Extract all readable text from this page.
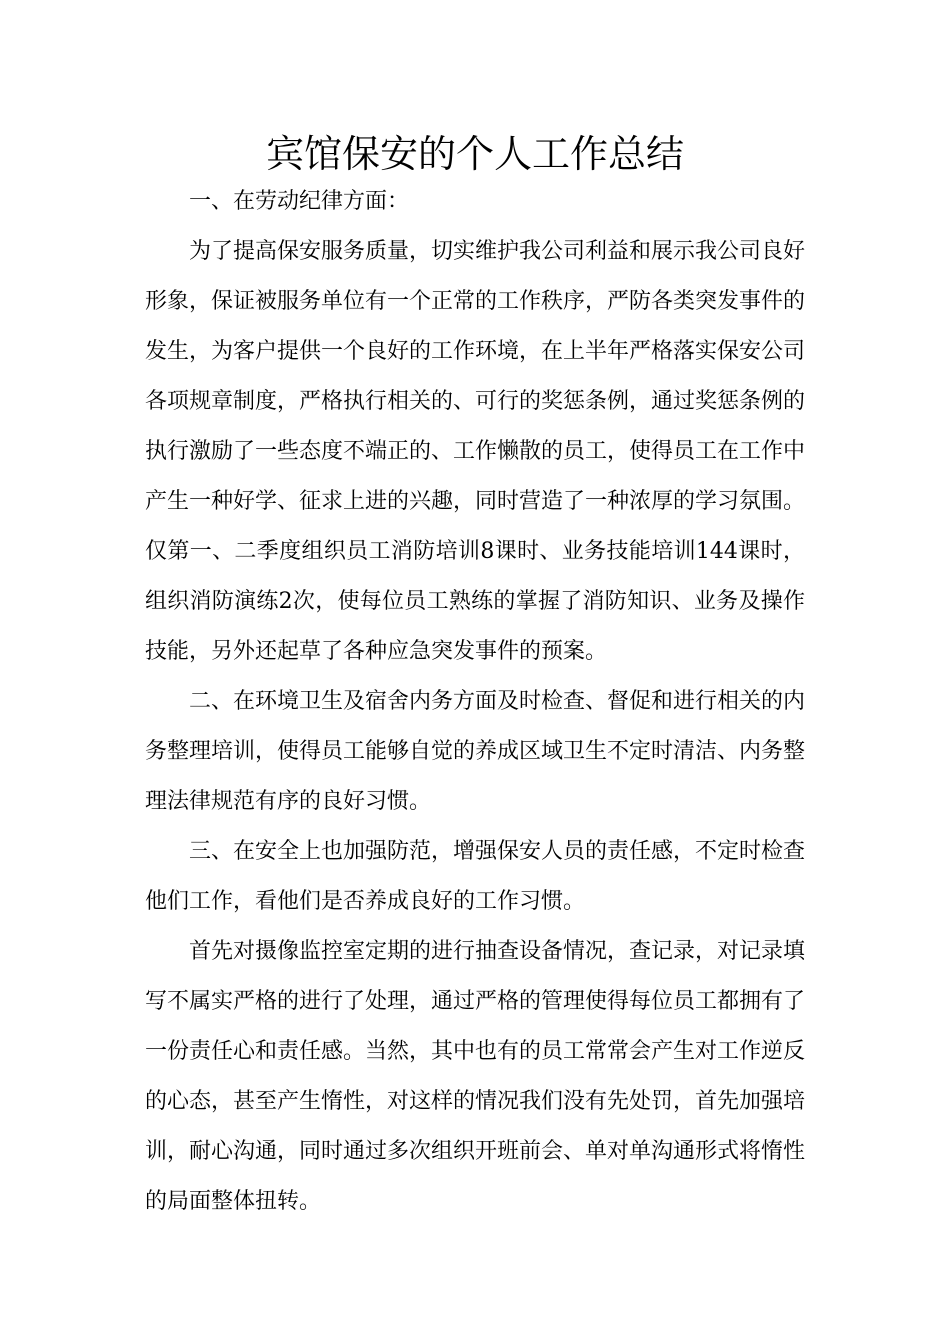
宾馆保安的个人工作总结

一、在劳动纪律方面：

为了提高保安服务质量，切实维护我公司利益和展示我公司良好形象，保证被服务单位有一个正常的工作秩序，严防各类突发事件的发生，为客户提供一个良好的工作环境，在上半年严格落实保安公司各项规章制度，严格执行相关的、可行的奖惩条例，通过奖惩条例的执行激励了一些态度不端正的、工作懒散的员工，使得员工在工作中产生一种好学、征求上进的兴趣，同时营造了一种浓厚的学习氛围。仅第一、二季度组织员工消防培训8课时、业务技能培训144课时，组织消防演练2次，使每位员工熟练的掌握了消防知识、业务及操作技能，另外还起草了各种应急突发事件的预案。

二、在环境卫生及宿舍内务方面及时检查、督促和进行相关的内务整理培训，使得员工能够自觉的养成区域卫生不定时清洁、内务整理法律规范有序的良好习惯。

三、在安全上也加强防范，增强保安人员的责任感，不定时检查他们工作，看他们是否养成良好的工作习惯。

首先对摄像监控室定期的进行抽查设备情况，查记录，对记录填写不属实严格的进行了处理，通过严格的管理使得每位员工都拥有了一份责任心和责任感。当然，其中也有的员工常常会产生对工作逆反的心态，甚至产生惰性，对这样的情况我们没有先处罚，首先加强培训，耐心沟通，同时通过多次组织开班前会、单对单沟通形式将惰性的局面整体扭转。
